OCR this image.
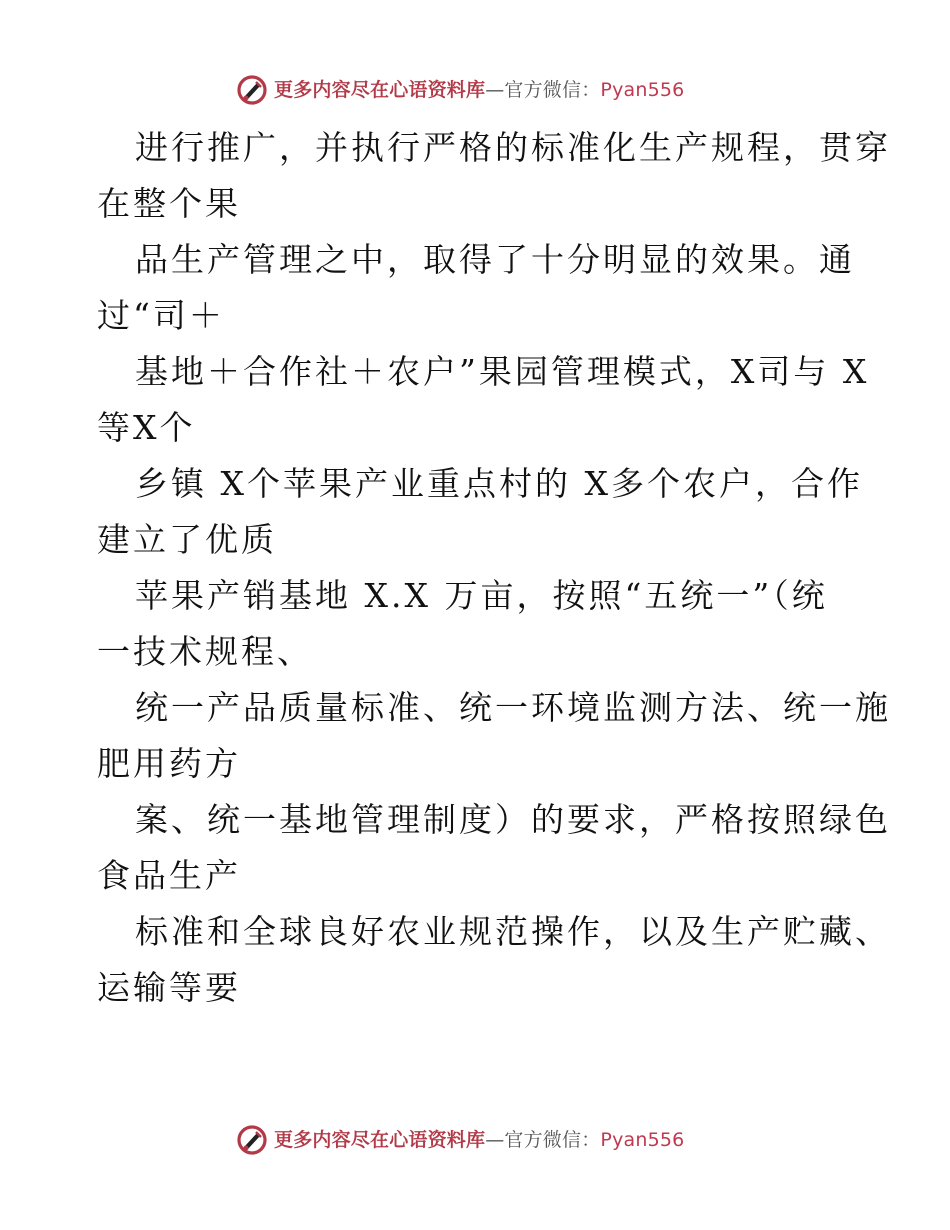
更多内容尽在心语资料库—官方微信：Pyan556

进行推广，并执行严格的标准化生产规程，贯穿
在整个果

品生产管理之中，取得了十分明显的效果。通
过“司＋

基地＋合作社＋农户”果园管理模式，X司与 X
等X个

乡镇 X个苹果产业重点村的 X多个农户，合作
建立了优质

苹果产销基地 X.X 万亩，按照“五统一”（统
一技术规程、

统一产品质量标准、统一环境监测方法、统一施
肥用药方

案、统一基地管理制度）的要求，严格按照绿色
食品生产

标准和全球良好农业规范操作，以及生产贮藏、
运输等要

更多内容尽在心语资料库—官方微信：Pyan556
